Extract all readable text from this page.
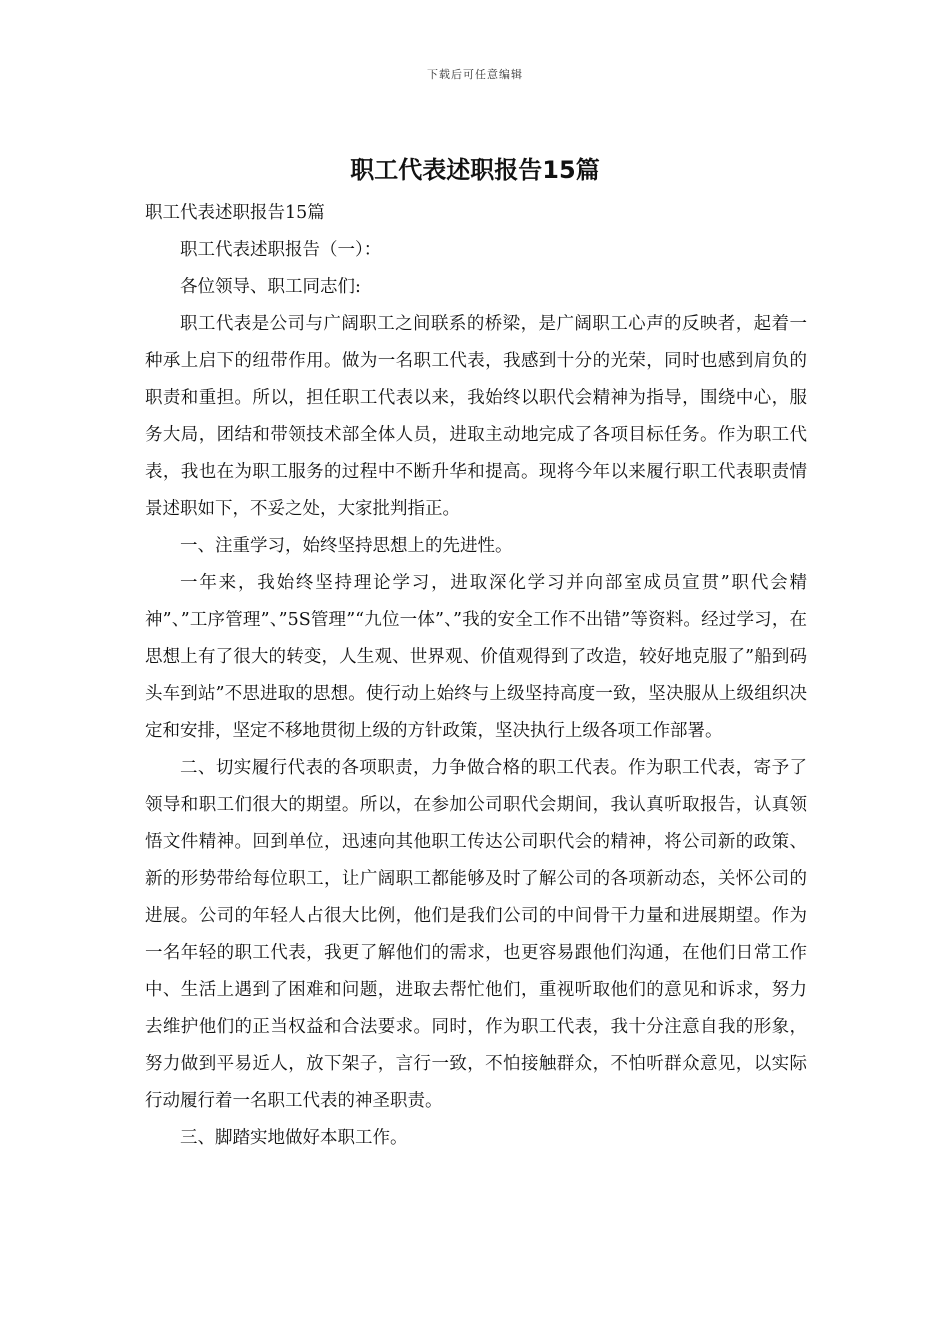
下载后可任意编辑
职工代表述职报告15篇

职工代表述职报告15篇

职工代表述职报告（一）：

各位领导、职工同志们:

职工代表是公司与广阔职工之间联系的桥梁，是广阔职工心声的反映者，起着一种承上启下的纽带作用。做为一名职工代表，我感到十分的光荣，同时也感到肩负的职责和重担。所以，担任职工代表以来，我始终以职代会精神为指导，围绕中心，服务大局，团结和带领技术部全体人员，进取主动地完成了各项目标任务。作为职工代表，我也在为职工服务的过程中不断升华和提高。现将今年以来履行职工代表职责情景述职如下，不妥之处，大家批判指正。

一、注重学习，始终坚持思想上的先进性。

一年来，我始终坚持理论学习，进取深化学习并向部室成员宣贯”职代会精神”、”工序管理”、”5S管理”“九位一体”、”我的安全工作不出错”等资料。经过学习，在思想上有了很大的转变，人生观、世界观、价值观得到了改造，较好地克服了”船到码头车到站”不思进取的思想。使行动上始终与上级坚持高度一致，坚决服从上级组织决定和安排，坚定不移地贯彻上级的方针政策，坚决执行上级各项工作部署。

二、切实履行代表的各项职责，力争做合格的职工代表。作为职工代表，寄予了领导和职工们很大的期望。所以，在参加公司职代会期间，我认真听取报告，认真领悟文件精神。回到单位，迅速向其他职工传达公司职代会的精神，将公司新的政策、新的形势带给每位职工，让广阔职工都能够及时了解公司的各项新动态，关怀公司的进展。公司的年轻人占很大比例，他们是我们公司的中间骨干力量和进展期望。作为一名年轻的职工代表，我更了解他们的需求，也更容易跟他们沟通，在他们日常工作中、生活上遇到了困难和问题，进取去帮忙他们，重视听取他们的意见和诉求，努力去维护他们的正当权益和合法要求。同时，作为职工代表，我十分注意自我的形象，努力做到平易近人，放下架子，言行一致，不怕接触群众，不怕听群众意见，以实际行动履行着一名职工代表的神圣职责。

三、脚踏实地做好本职工作。
